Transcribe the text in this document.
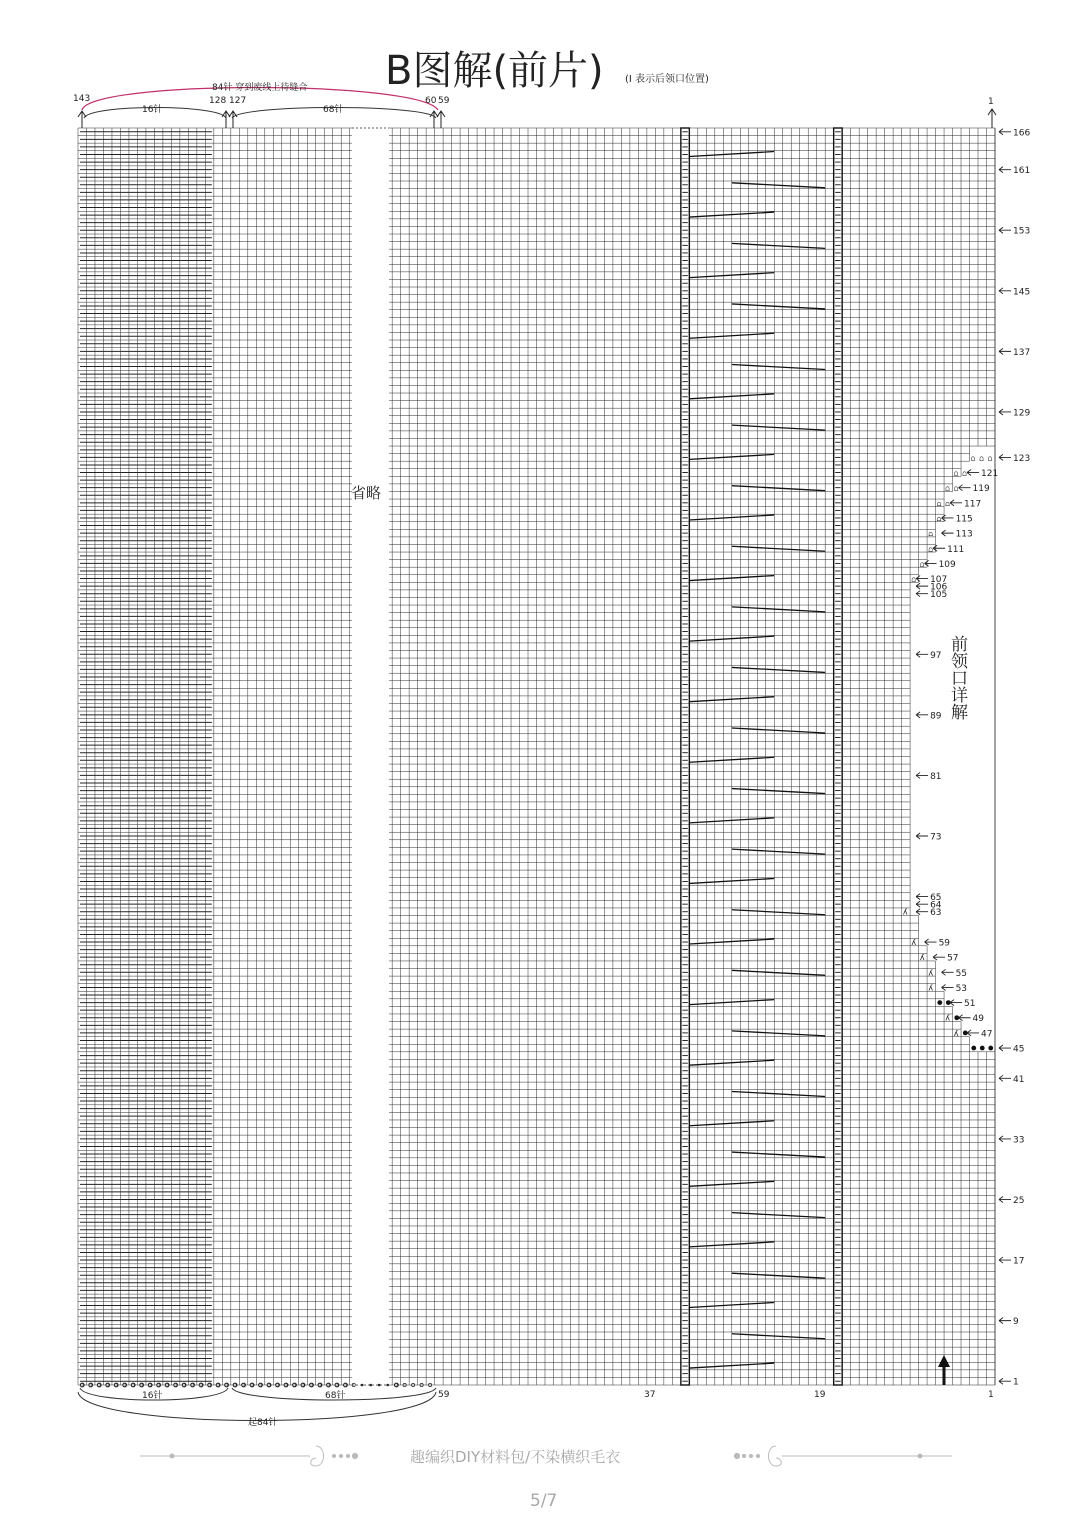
⩍
⩍
⩍
⩍
⩍
⩍
⩍
⩍
⩍
⩍
⩍
⩍
⩍
⩍
ʎ
ʎ
ʎ
ʎ
ʎ
ʎ
ʎ
166
161
153
145
137
129
123
121
119
117
115
113
111
109
107
106
105
97
89
81
73
65
64
63
59
57
55
53
51
49
47
45
41
33
25
17
9
1
B图解(前片) (I 表示后领口位置)
84针 穿到废线上待缝合
16针	68针
143	128 127	60 59	1
16针	68针
起84针
59	37	19	1
省略
前领口详解
趣编织DIY材料包/不染横织毛衣
5/7
